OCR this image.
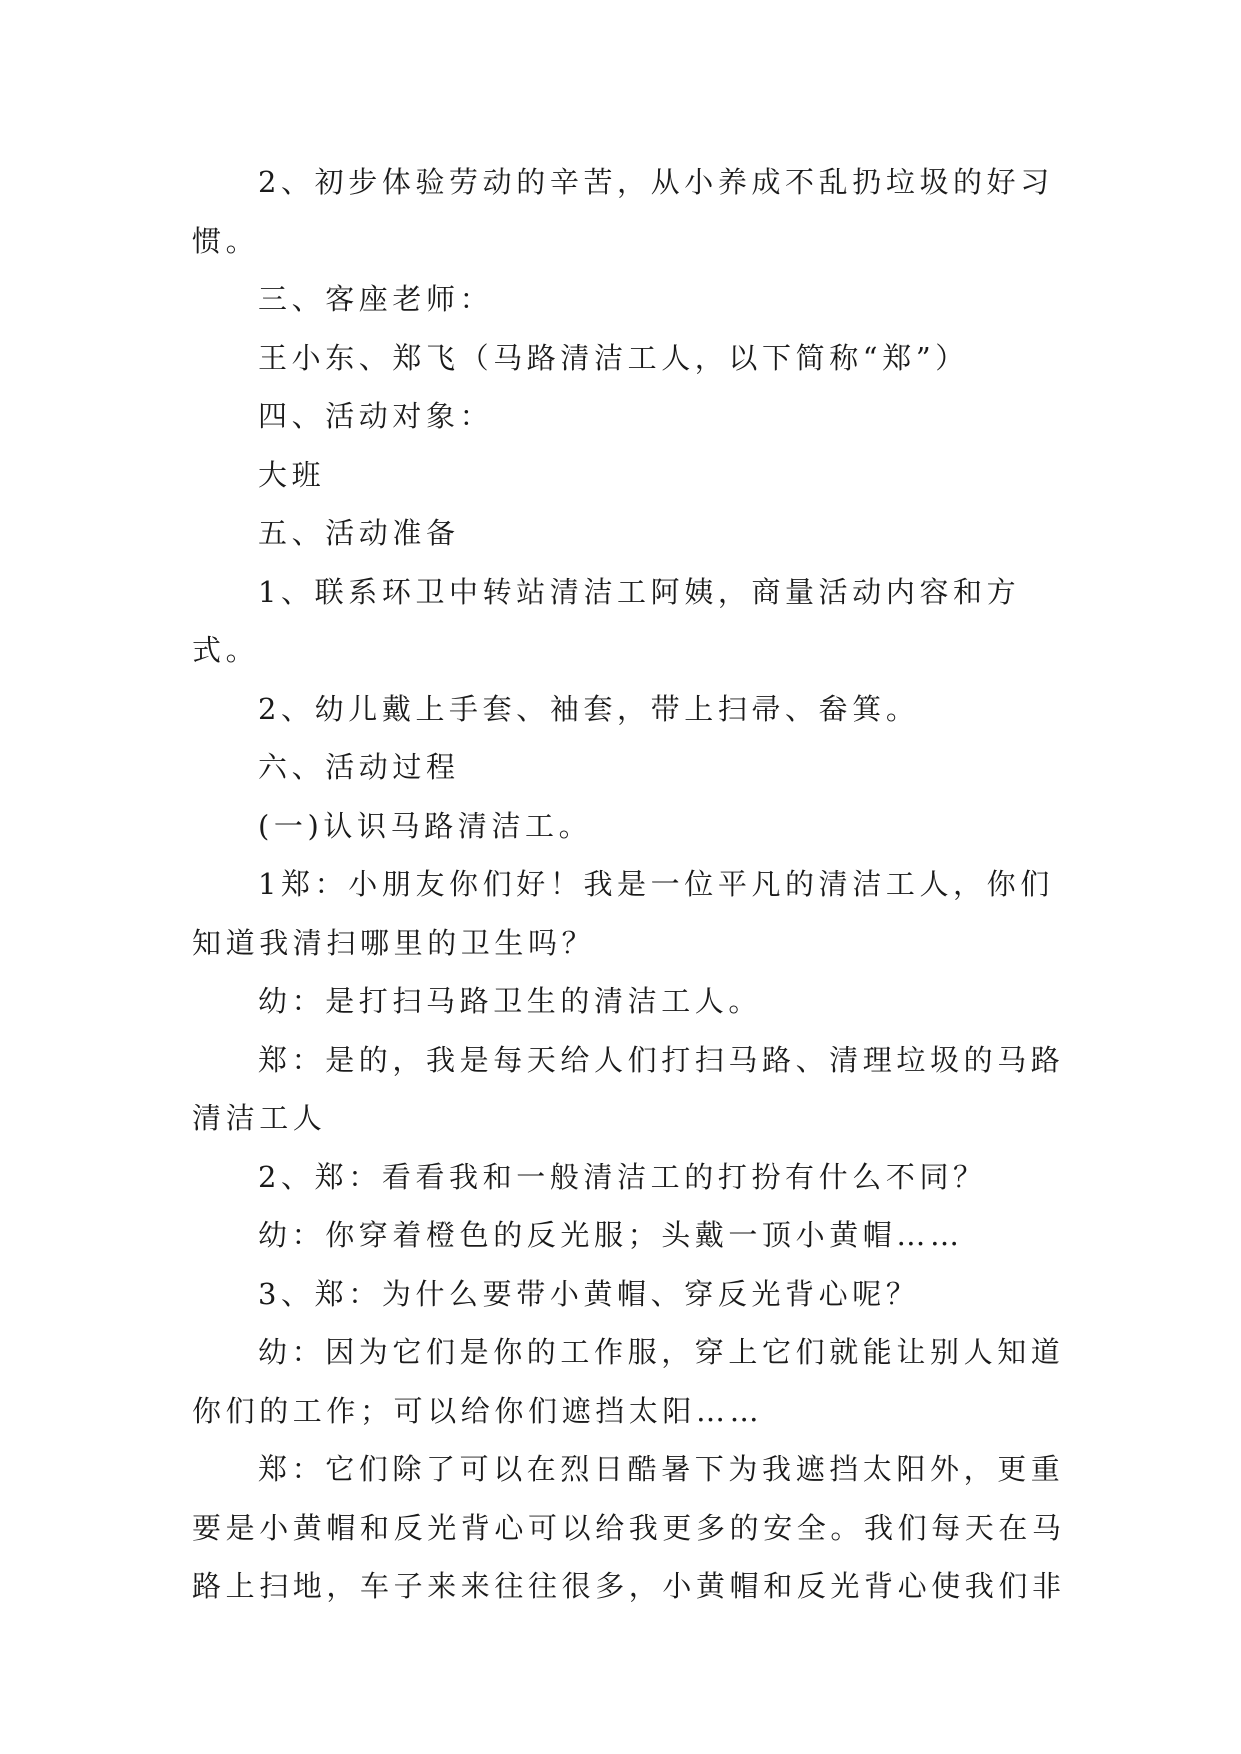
2、初步体验劳动的辛苦，从小养成不乱扔垃圾的好习惯。

三、客座老师：

王小东、郑飞（马路清洁工人，以下简称“郑”）

四、活动对象：

大班

五、活动准备

1、联系环卫中转站清洁工阿姨，商量活动内容和方式。

2、幼儿戴上手套、袖套，带上扫帚、畚箕。

六、活动过程

(一)认识马路清洁工。

1郑：小朋友你们好！我是一位平凡的清洁工人，你们知道我清扫哪里的卫生吗？

幼：是打扫马路卫生的清洁工人。

郑：是的，我是每天给人们打扫马路、清理垃圾的马路清洁工人

2、郑：看看我和一般清洁工的打扮有什么不同？

幼：你穿着橙色的反光服；头戴一顶小黄帽……

3、郑：为什么要带小黄帽、穿反光背心呢？

幼：因为它们是你的工作服，穿上它们就能让别人知道你们的工作；可以给你们遮挡太阳……

郑：它们除了可以在烈日酷暑下为我遮挡太阳外，更重要是小黄帽和反光背心可以给我更多的安全。我们每天在马路上扫地，车子来来往往很多，小黄帽和反光背心使我们非
